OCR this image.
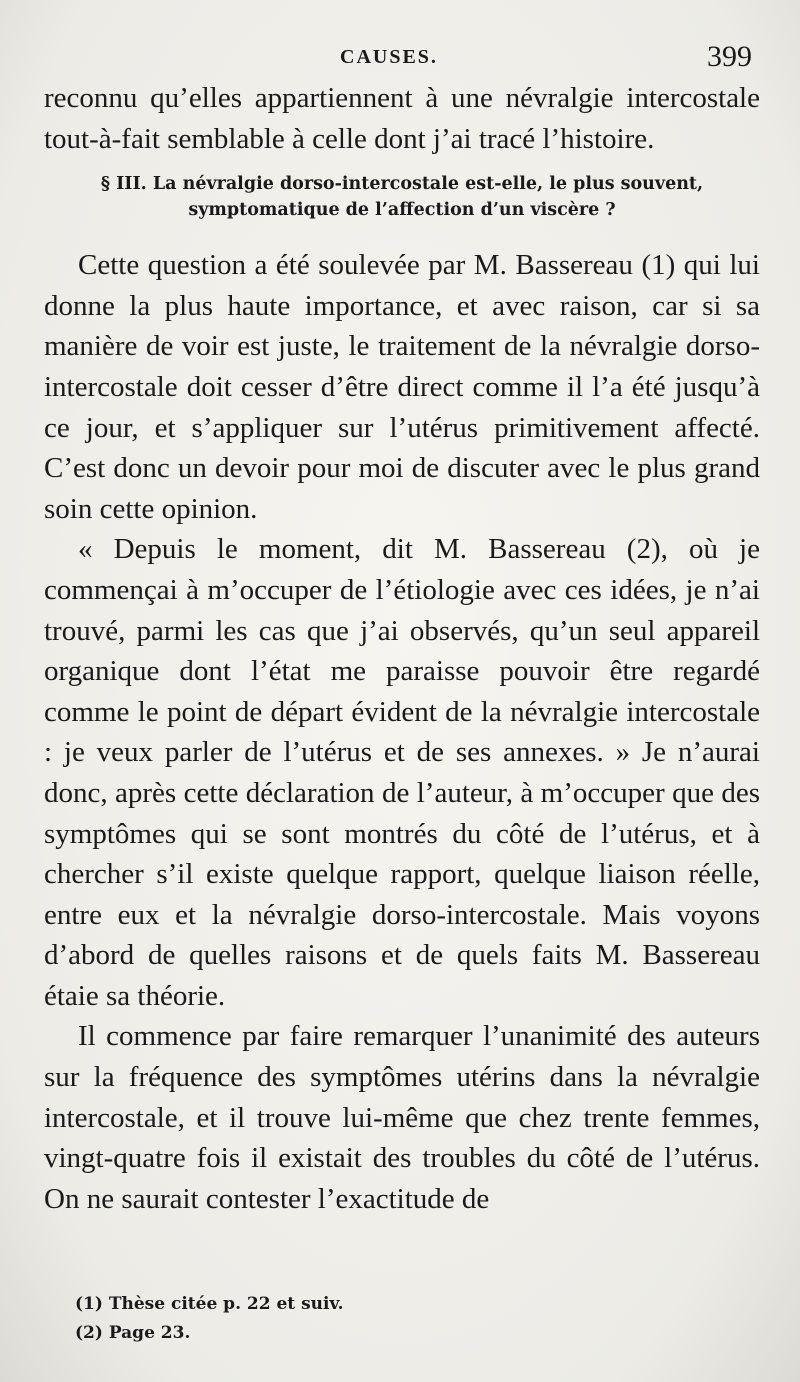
CAUSES.	399

reconnu qu’elles appartiennent à une névralgie intercostale tout-à-fait semblable à celle dont j’ai tracé l’histoire.

§ III. La névralgie dorso-intercostale est-elle, le plus souvent, symptomatique de l’affection d’un viscère ?

Cette question a été soulevée par M. Bassereau (1) qui lui donne la plus haute importance, et avec raison, car si sa manière de voir est juste, le traitement de la névralgie dorso-intercostale doit cesser d’être direct comme il l’a été jusqu’à ce jour, et s’appliquer sur l’utérus primitivement affecté. C’est donc un devoir pour moi de discuter avec le plus grand soin cette opinion.

« Depuis le moment, dit M. Bassereau (2), où je commençai à m’occuper de l’étiologie avec ces idées, je n’ai trouvé, parmi les cas que j’ai observés, qu’un seul appareil organique dont l’état me paraisse pouvoir être regardé comme le point de départ évident de la névralgie intercostale : je veux parler de l’utérus et de ses annexes. » Je n’aurai donc, après cette déclaration de l’auteur, à m’occuper que des symptômes qui se sont montrés du côté de l’utérus, et à chercher s’il existe quelque rapport, quelque liaison réelle, entre eux et la névralgie dorso-intercostale. Mais voyons d’abord de quelles raisons et de quels faits M. Bassereau étaie sa théorie.

Il commence par faire remarquer l’unanimité des auteurs sur la fréquence des symptômes utérins dans la névralgie intercostale, et il trouve lui-même que chez trente femmes, vingt-quatre fois il existait des troubles du côté de l’utérus. On ne saurait contester l’exactitude de

(1) Thèse citée p. 22 et suiv.
(2) Page 23.
